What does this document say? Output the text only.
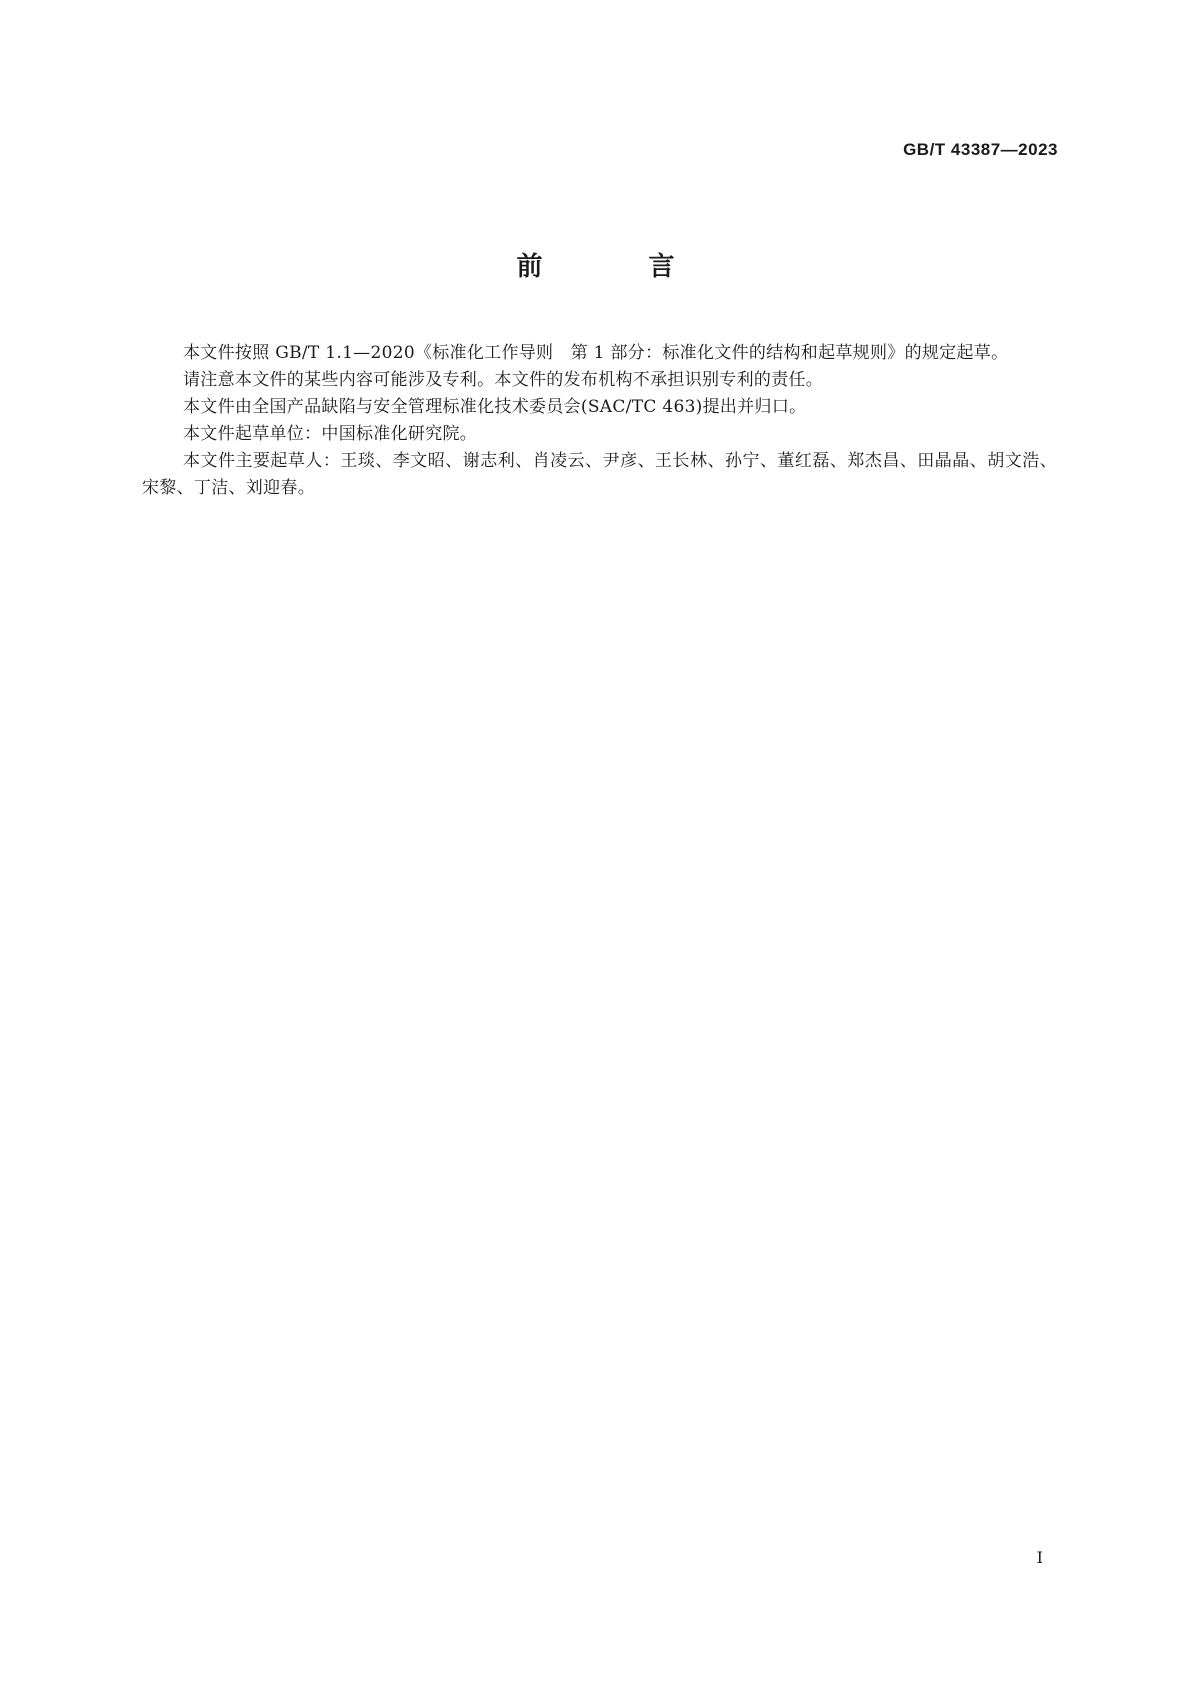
GB/T 43387—2023
前　言

本文件按照 GB/T 1.1—2020《标准化工作导则　第 1 部分：标准化文件的结构和起草规则》的规定起草。

请注意本文件的某些内容可能涉及专利。本文件的发布机构不承担识别专利的责任。

本文件由全国产品缺陷与安全管理标准化技术委员会(SAC/TC 463)提出并归口。

本文件起草单位：中国标准化研究院。

本文件主要起草人：王琰、李文昭、谢志利、肖凌云、尹彦、王长林、孙宁、董红磊、郑杰昌、田晶晶、胡文浩、宋黎、丁洁、刘迎春。

Ⅰ
